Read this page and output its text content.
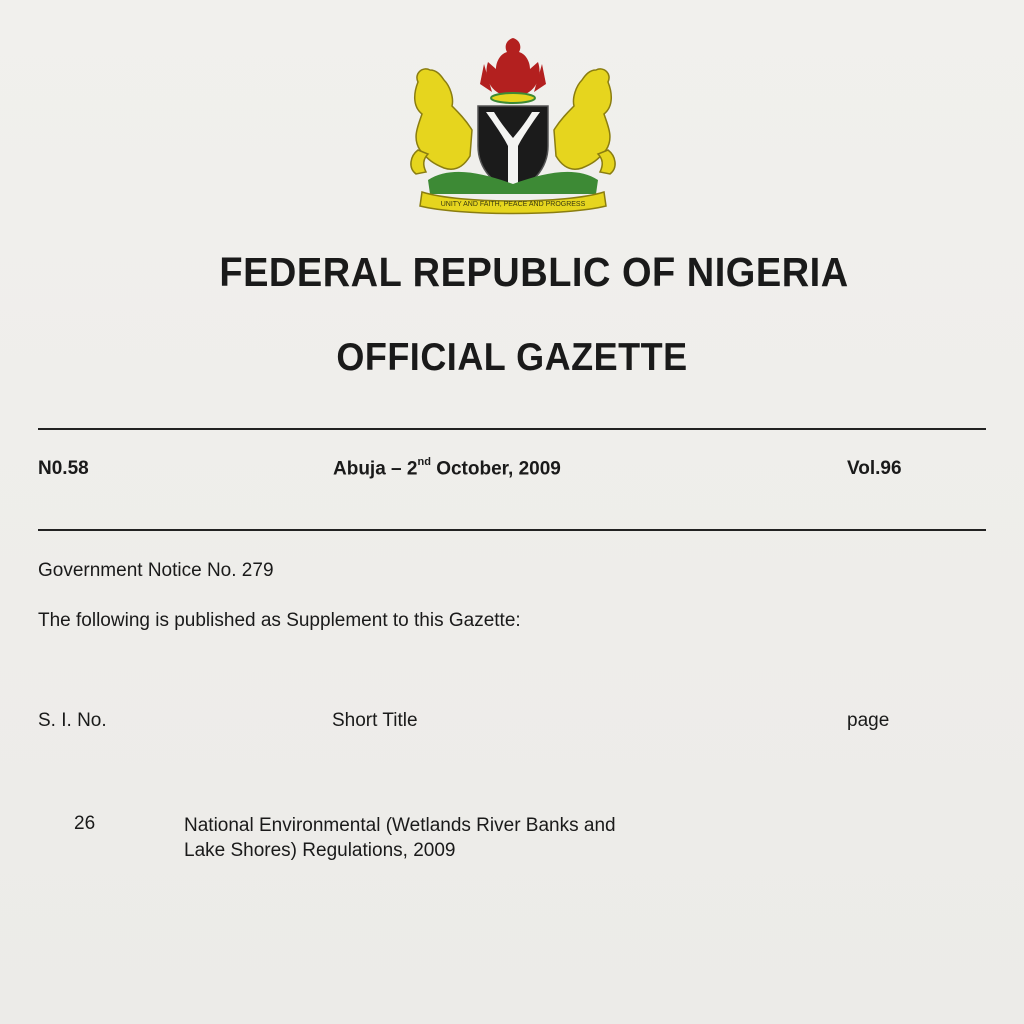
UNITY AND FAITH, PEACE AND PROGRESS
FEDERAL REPUBLIC OF NIGERIA
OFFICIAL GAZETTE
N0.58	Abuja – 2nd October, 2009	Vol.96
Government Notice No. 279
The following is published as Supplement to this Gazette:
S. I. No.	Short Title	page
26	National Environmental (Wetlands River Banks and Lake Shores) Regulations, 2009
